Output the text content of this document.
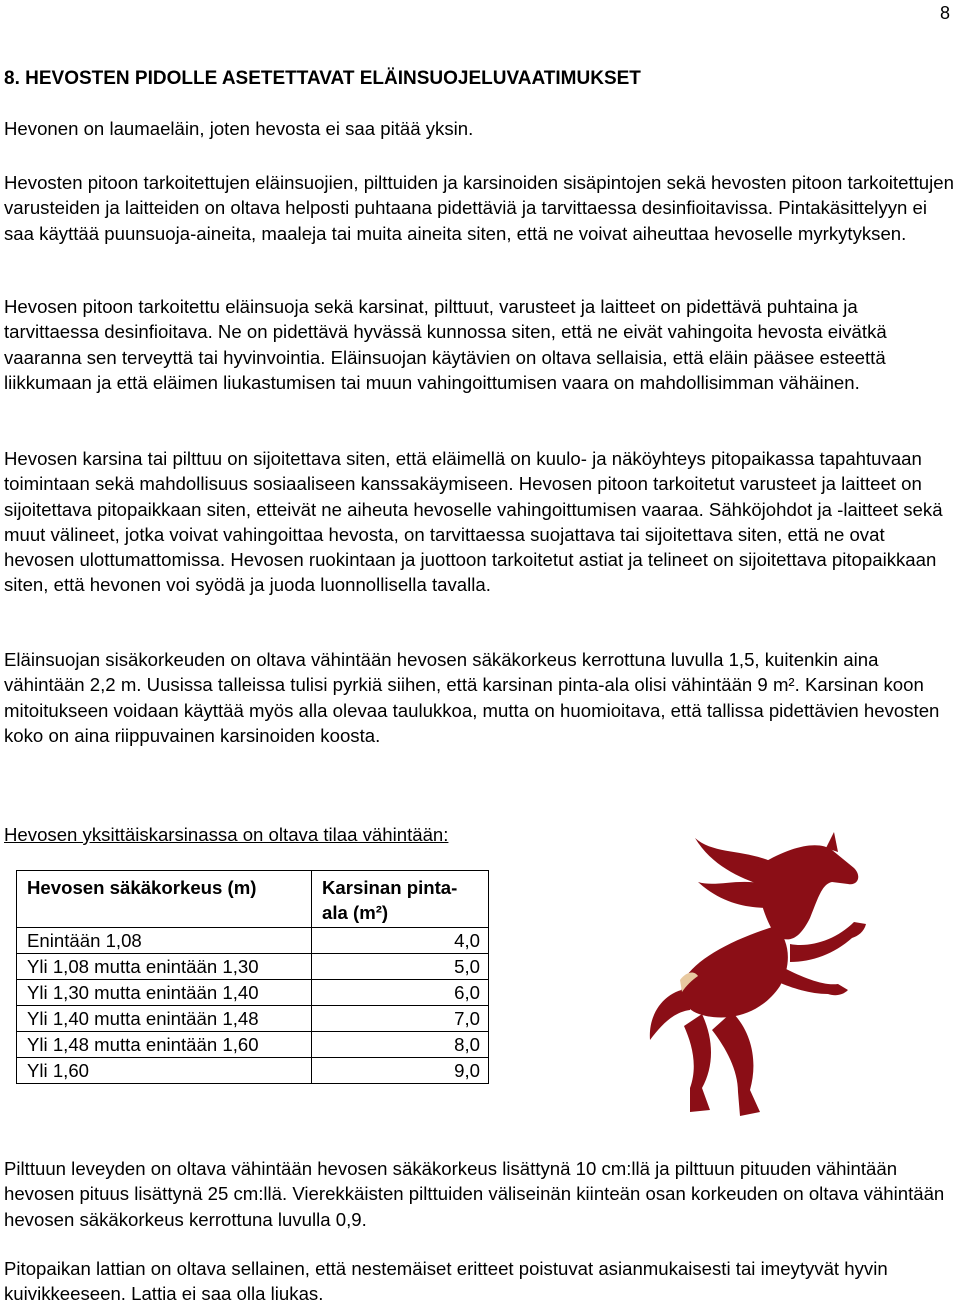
8
8. HEVOSTEN PIDOLLE ASETETTAVAT ELÄINSUOJELUVAATIMUKSET

Hevonen on laumaeläin, joten hevosta ei saa pitää yksin.

Hevosten pitoon tarkoitettujen eläinsuojien, pilttuiden ja karsinoiden sisäpintojen sekä hevosten pitoon tarkoitettujen varusteiden ja laitteiden on oltava helposti puhtaana pidettäviä ja tarvittaessa desinfioitavissa. Pintakäsittelyyn ei saa käyttää puunsuoja-aineita, maaleja tai muita aineita siten, että ne voivat aiheuttaa hevoselle myrkytyksen.

Hevosen pitoon tarkoitettu eläinsuoja sekä karsinat, pilttuut, varusteet ja laitteet on pidettävä puhtaina ja tarvittaessa desinfioitava. Ne on pidettävä hyvässä kunnossa siten, että ne eivät vahingoita hevosta eivätkä vaaranna sen terveyttä tai hyvinvointia. Eläinsuojan käytävien on oltava sellaisia, että eläin pääsee esteettä liikkumaan ja että eläimen liukastumisen tai muun vahingoittumisen vaara on mahdollisimman vähäinen.

Hevosen karsina tai pilttuu on sijoitettava siten, että eläimellä on kuulo- ja näköyhteys pitopaikassa tapahtuvaan toimintaan sekä mahdollisuus sosiaaliseen kanssakäymiseen. Hevosen pitoon tarkoitetut varusteet ja laitteet on sijoitettava pitopaikkaan siten, etteivät ne aiheuta hevoselle vahingoittumisen vaaraa. Sähköjohdot ja -laitteet sekä muut välineet, jotka voivat vahingoittaa hevosta, on tarvittaessa suojattava tai sijoitettava siten, että ne ovat hevosen ulottumattomissa. Hevosen ruokintaan ja juottoon tarkoitetut astiat ja telineet on sijoitettava pitopaikkaan siten, että hevonen voi syödä ja juoda luonnollisella tavalla.

Eläinsuojan sisäkorkeuden on oltava vähintään hevosen säkäkorkeus kerrottuna luvulla 1,5, kuitenkin aina vähintään 2,2 m. Uusissa talleissa tulisi pyrkiä siihen, että karsinan pinta-ala olisi vähintään 9 m². Karsinan koon mitoitukseen voidaan käyttää myös alla olevaa taulukkoa, mutta on huomioitava, että tallissa pidettävien hevosten koko on aina riippuvainen karsinoiden koosta.

Hevosen yksittäiskarsinassa on oltava tilaa vähintään:

Hevosen säkäkorkeus (m)	Karsinan pinta-ala (m²)
Enintään 1,08	4,0
Yli 1,08 mutta enintään 1,30	5,0
Yli 1,30 mutta enintään 1,40	6,0
Yli 1,40 mutta enintään 1,48	7,0
Yli 1,48 mutta enintään 1,60	8,0
Yli 1,60	9,0

Pilttuun leveyden on oltava vähintään hevosen säkäkorkeus lisättynä 10 cm:llä ja pilttuun pituuden vähintään hevosen pituus lisättynä 25 cm:llä. Vierekkäisten pilttuiden väliseinän kiinteän osan korkeuden on oltava vähintään hevosen säkäkorkeus kerrottuna luvulla 0,9.

Pitopaikan lattian on oltava sellainen, että nestemäiset eritteet poistuvat asianmukaisesti tai imeytyvät hyvin kuivikkeeseen. Lattia ei saa olla liukas.
